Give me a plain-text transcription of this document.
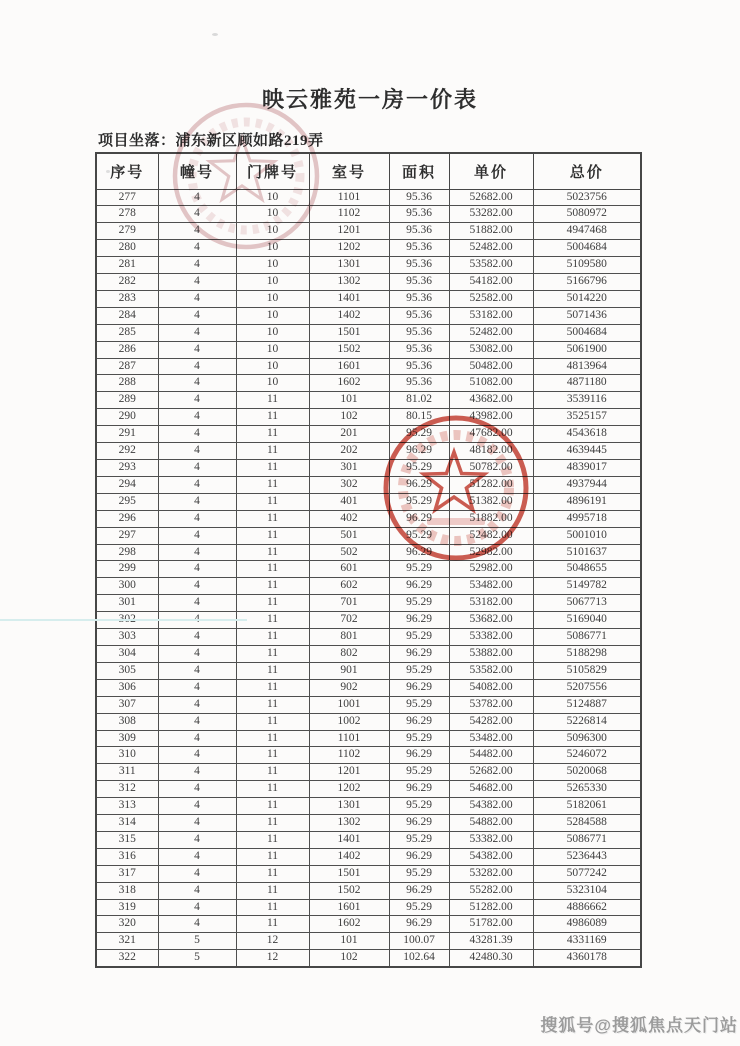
映云雅苑一房一价表
项目坐落：浦东新区顾如路219弄
序号	幢号	门牌号	室号	面积	单价	总价
277	4	10	1101	95.36	52682.00	5023756
278	4	10	1102	95.36	53282.00	5080972
279	4	10	1201	95.36	51882.00	4947468
280	4	10	1202	95.36	52482.00	5004684
281	4	10	1301	95.36	53582.00	5109580
282	4	10	1302	95.36	54182.00	5166796
283	4	10	1401	95.36	52582.00	5014220
284	4	10	1402	95.36	53182.00	5071436
285	4	10	1501	95.36	52482.00	5004684
286	4	10	1502	95.36	53082.00	5061900
287	4	10	1601	95.36	50482.00	4813964
288	4	10	1602	95.36	51082.00	4871180
289	4	11	101	81.02	43682.00	3539116
290	4	11	102	80.15	43982.00	3525157
291	4	11	201	95.29	47682.00	4543618
292	4	11	202	96.29	48182.00	4639445
293	4	11	301	95.29	50782.00	4839017
294	4	11	302	96.29	51282.00	4937944
295	4	11	401	95.29	51382.00	4896191
296	4	11	402	96.29	51882.00	4995718
297	4	11	501	95.29	52482.00	5001010
298	4	11	502	96.29	52982.00	5101637
299	4	11	601	95.29	52982.00	5048655
300	4	11	602	96.29	53482.00	5149782
301	4	11	701	95.29	53182.00	5067713
		11	702	96.29	53682.00	5169040
303	4	11	801	95.29	53382.00	5086771
304	4	11	802	96.29	53882.00	5188298
305	4	11	901	95.29	53582.00	5105829
306	4	11	902	96.29	54082.00	5207556
307	4	11	1001	95.29	53782.00	5124887
308	4	11	1002	96.29	54282.00	5226814
309	4	11	1101	95.29	53482.00	5096300
310	4	11	1102	96.29	54482.00	5246072
311	4	11	1201	95.29	52682.00	5020068
312	4	11	1202	96.29	54682.00	5265330
313	4	11	1301	95.29	54382.00	5182061
314	4	11	1302	96.29	54882.00	5284588
315	4	11	1401	95.29	53382.00	5086771
316	4	11	1402	96.29	54382.00	5236443
317	4	11	1501	95.29	53282.00	5077242
318	4	11	1502	96.29	55282.00	5323104
319	4	11	1601	95.29	51282.00	4886662
320	4	11	1602	96.29	51782.00	4986089
321	5	12	101	100.07	43281.39	4331169
322	5	12	102	102.64	42480.30	4360178
搜狐号@搜狐焦点天门站
